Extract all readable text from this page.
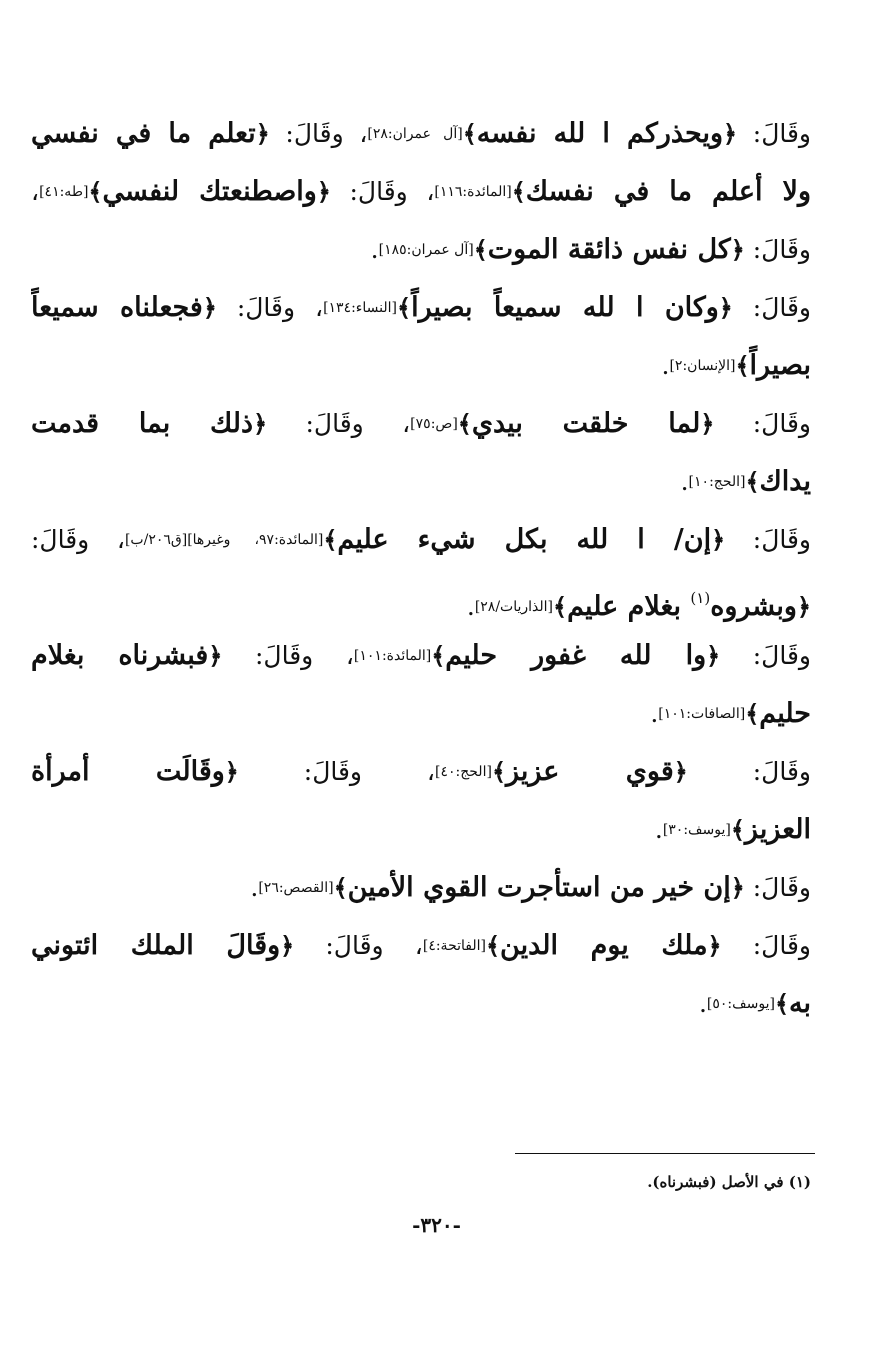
وقَالَ: ﴿ويحذركم ا لله نفسه﴾[آل عمران:٢٨]، وقَالَ: ﴿تعلم ما في نفسي
ولا أعلم ما في نفسك﴾[المائدة:١١٦]، وقَالَ: ﴿واصطنعتك لنفسي﴾[طه:٤١]،
وقَالَ: ﴿كل نفس ذائقة الموت﴾[آل عمران:١٨٥].
وقَالَ: ﴿وكان ا لله سميعاً بصيراً﴾[النساء:١٣٤]، وقَالَ: ﴿فجعلناه سميعاً
بصيراً﴾[الإنسان:٢].
وقَالَ: ﴿لما خلقت بيدي﴾[ص:٧٥]، وقَالَ: ﴿ذلك بما قدمت
يداك﴾[الحج:١٠].
وقَالَ: ﴿إن/ ا لله بكل شيء عليم﴾[المائدة:٩٧، وغيرها][ق٢٠٦/ب]، وقَالَ:
﴿وبشروه$^{(١)}$ بغلام عليم﴾[الذاريات/٢٨].
وقَالَ: ﴿وا لله غفور حليم﴾[المائدة:١٠١]، وقَالَ: ﴿فبشرناه بغلام
حليم﴾[الصافات:١٠١].
وقَالَ: ﴿قوي عزيز﴾[الحج:٤٠]، وقَالَ: ﴿وقَالَت أمرأة
العزيز﴾[يوسف:٣٠].
وقَالَ: ﴿إن خير من استأجرت القوي الأمين﴾[القصص:٢٦].
وقَالَ: ﴿ملك يوم الدين﴾[الفاتحة:٤]، وقَالَ: ﴿وقَالَ الملك ائتوني
به﴾[يوسف:٥٠].
(١) في الأصل (فبشرناه).
-٣٢٠-
